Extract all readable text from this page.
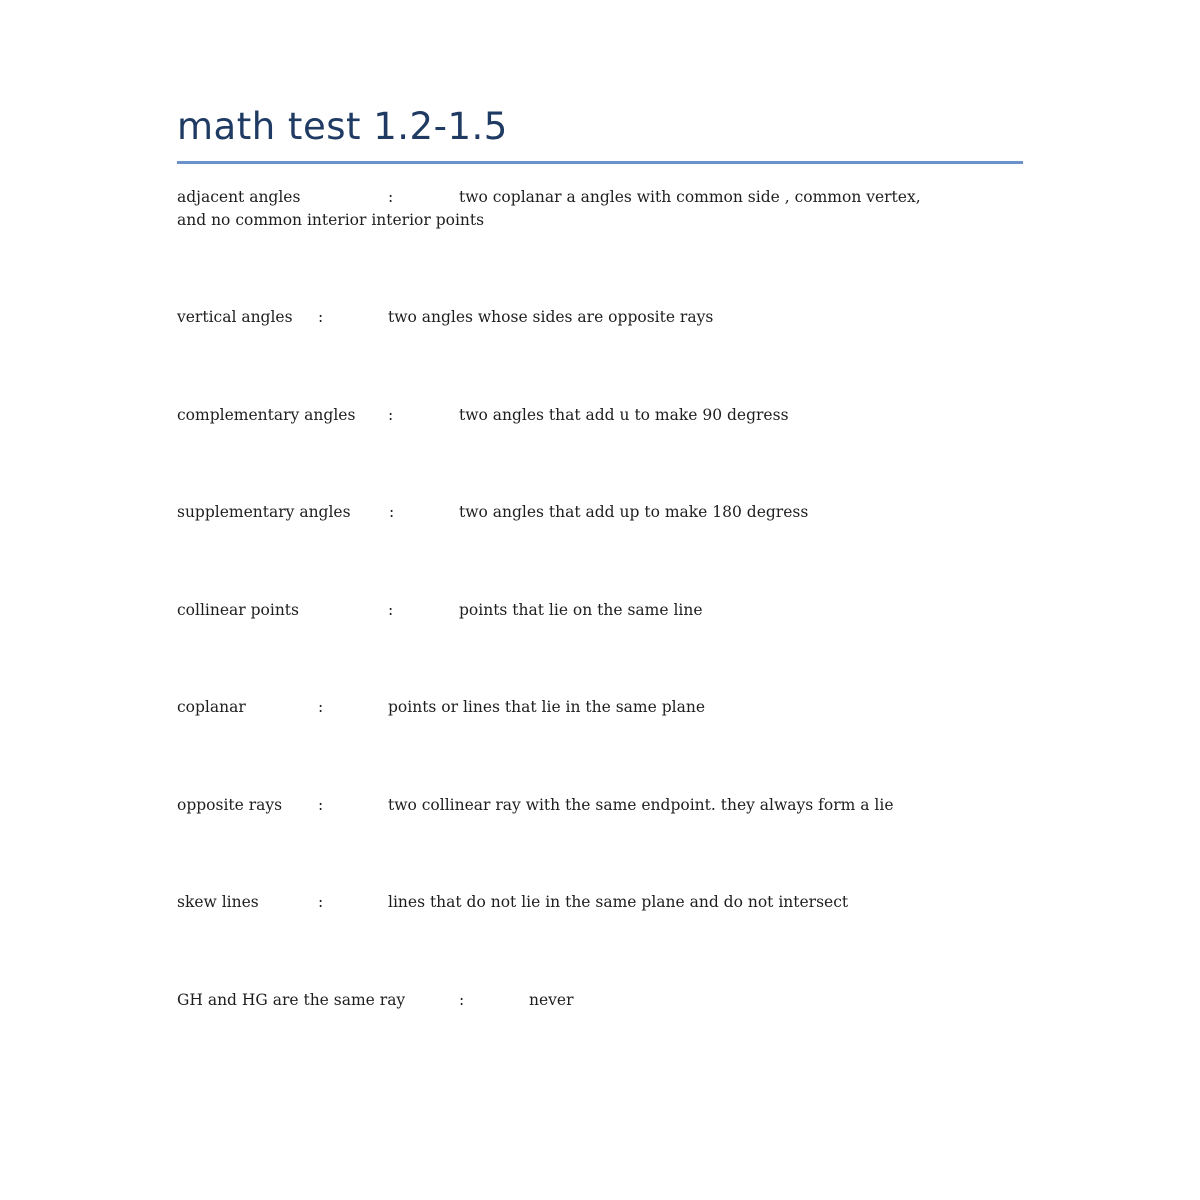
math test 1.2-1.5
adjacent angles	:	two coplanar a angles with common side , common vertex,
and no common interior interior points
vertical angles :	two angles whose sides are opposite rays
complementary angles :	two angles that add u to make 90 degress
supplementary angles :	two angles that add up to make 180 degress
collinear points	:	points that lie on the same line
coplanar	:	points or lines that lie in the same plane
opposite rays :	two collinear ray with the same endpoint. they always form a lie
skew lines	:	lines that do not lie in the same plane and do not intersect
GH and HG are the same ray	:	never
